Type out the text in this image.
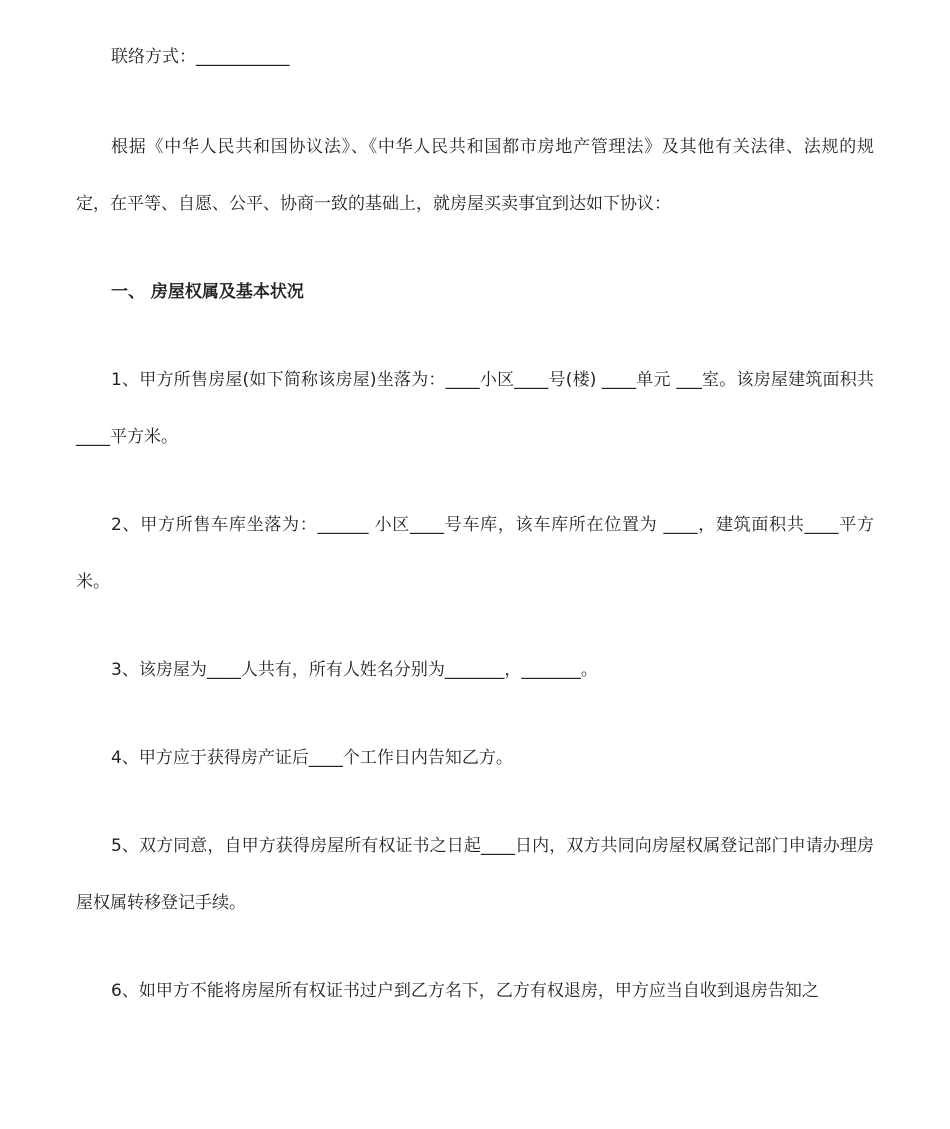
联络方式：___________

根据《中华人民共和国协议法》、《中华人民共和国都市房地产管理法》及其他有关法律、法规的规定，在平等、自愿、公平、协商一致的基础上，就房屋买卖事宜到达如下协议：

一、 房屋权属及基本状况

1、甲方所售房屋(如下简称该房屋)坐落为：____小区____号(楼) ____单元 ___室。该房屋建筑面积共____平方米。

2、甲方所售车库坐落为：______ 小区____号车库，该车库所在位置为 ____，建筑面积共____平方米。

3、该房屋为____人共有，所有人姓名分别为_______，_______。

4、甲方应于获得房产证后____个工作日内告知乙方。

5、双方同意，自甲方获得房屋所有权证书之日起____日内，双方共同向房屋权属登记部门申请办理房屋权属转移登记手续。

6、如甲方不能将房屋所有权证书过户到乙方名下，乙方有权退房，甲方应当自收到退房告知之
